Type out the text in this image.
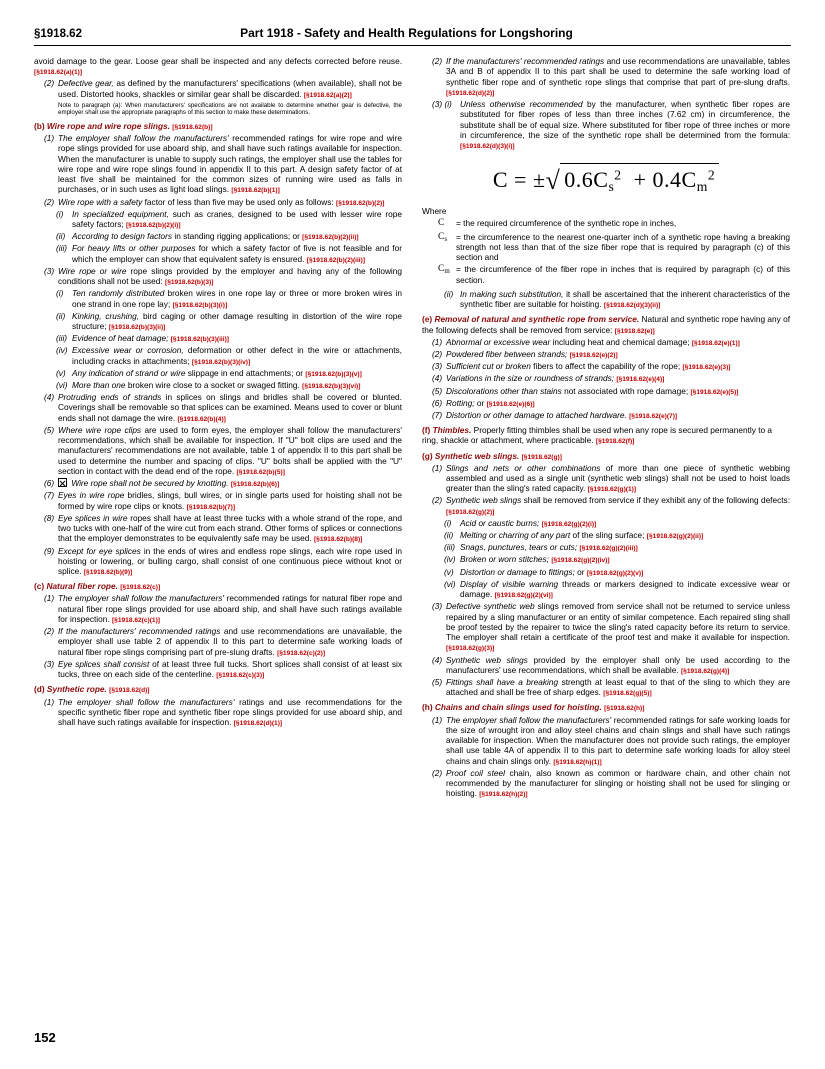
§1918.62	Part 1918 - Safety and Health Regulations for Longshoring
avoid damage to the gear. Loose gear shall be inspected and any defects corrected before reuse. [§1918.62(a)(1)]
(2) Defective gear, as defined by the manufacturers' specifications (when available), shall not be used. Distorted hooks, shackles or similar gear shall be discarded. [§1918.62(a)(2)]
Note to paragraph (a): When manufacturers' specifications are not available to determine whether gear is defective, the employer shall use the appropriate paragraphs of this section to make these determinations.
(b) Wire rope and wire rope slings. [§1918.62(b)]
(1) The employer shall follow the manufacturers' recommended ratings for wire rope and wire rope slings provided for use aboard ship, and shall have such ratings available for inspection. When the manufacturer is unable to supply such ratings, the employer shall use the tables for wire rope and wire rope slings found in appendix II to this part. A design safety factor of at least five shall be maintained for the common sizes of running wire used as falls in purchases, or in such uses as light load slings. [§1918.62(b)(1)]
(2) Wire rope with a safety factor of less than five may be used only as follows: [§1918.62(b)(2)]
(i)	In specialized equipment, such as cranes, designed to be used with lesser wire rope safety factors; [§1918.62(b)(2)(i)]
(ii) According to design factors in standing rigging applications; or [§1918.62(b)(2)(ii)]
(iii) For heavy lifts or other purposes for which a safety factor of five is not feasible and for which the employer can show that equivalent safety is ensured. [§1918.62(b)(2)(iii)]
(3) Wire rope or wire rope slings provided by the employer and having any of the following conditions shall not be used: [§1918.62(b)(3)]
(i)	Ten randomly distributed broken wires in one rope lay or three or more broken wires in one strand in one rope lay; [§1918.62(b)(3)(i)]
(ii) Kinking, crushing, bird caging or other damage resulting in distortion of the wire rope structure; [§1918.62(b)(3)(ii)]
(iii) Evidence of heat damage; [§1918.62(b)(3)(iii)]
(iv) Excessive wear or corrosion, deformation or other defect in the wire or attachments, including cracks in attachments; [§1918.62(b)(3)(iv)]
(v) Any indication of strand or wire slippage in end attachments; or [§1918.62(b)(3)(v)]
(vi) More than one broken wire close to a socket or swaged fitting. [§1918.62(b)(3)(vi)]
(4) Protruding ends of strands in splices on slings and bridles shall be covered or blunted. Coverings shall be removable so that splices can be examined. Means used to cover or blunt ends shall not damage the wire. [§1918.62(b)(4)]
(5) Where wire rope clips are used to form eyes, the employer shall follow the manufacturers' recommendations, which shall be available for inspection. If "U" bolt clips are used and the manufacturers' recommendations are not available, table 1 of appendix II to this part shall be used to determine the number and spacing of clips. "U" bolts shall be applied with the "U" section in contact with the dead end of the rope. [§1918.62(b)(5)]
(6)	Wire rope shall not be secured by knotting. [§1918.62(b)(6)]
(7) Eyes in wire rope bridles, slings, bull wires, or in single parts used for hoisting shall not be formed by wire rope clips or knots. [§1918.62(b)(7)]
(8) Eye splices in wire ropes shall have at least three tucks with a whole strand of the rope, and two tucks with one-half of the wire cut from each strand. Other forms of splices or connections that the employer demonstrates to be equivalently safe may be used. [§1918.62(b)(8)]
(9) Except for eye splices in the ends of wires and endless rope slings, each wire rope used in hoisting or lowering, or bulling cargo, shall consist of one continuous piece without knot or splice. [§1918.62(b)(9)]
(c) Natural fiber rope. [§1918.62(c)]
(1) The employer shall follow the manufacturers' recommended ratings for natural fiber rope and natural fiber rope slings provided for use aboard ship, and shall have such ratings available for inspection. [§1918.62(c)(1)]
(2) If the manufacturers' recommended ratings and use recommendations are unavailable, the employer shall use table 2 of appendix II to this part to determine safe working loads of natural fiber rope slings comprising part of pre-slung drafts. [§1918.62(c)(2)]
(3) Eye splices shall consist of at least three full tucks. Short splices shall consist of at least six tucks, three on each side of the centerline. [§1918.62(c)(3)]
(d) Synthetic rope. [§1918.62(d)]
(1) The employer shall follow the manufacturers' ratings and use recommendations for the specific synthetic fiber rope and synthetic fiber rope slings provided for use aboard ship, and shall have such ratings available for inspection. [§1918.62(d)(1)]
(2) If the manufacturers' recommended ratings and use recommendations are unavailable, tables 3A and B of appendix II to this part shall be used to determine the safe working load of synthetic fiber rope and of synthetic rope slings that comprise that part of pre-slung drafts. [§1918.62(d)(2)]
(3) (i) Unless otherwise recommended by the manufacturer, when synthetic fiber ropes are substituted for fiber ropes of less than three inches (7.62 cm) in circumference, the substitute shall be of equal size. Where substituted for fiber rope of three inches or more in circumference, the size of the synthetic rope shall be determined from the formula: [§1918.62(d)(3)(i)]
C = ±√ $0.6C_s^2 + 0.4C_m^2$
Where
C	= the required circumference of the synthetic rope in inches,
Cs	= the circumference to the nearest one-quarter inch of a synthetic rope having a breaking strength not less than that of the size fiber rope that is required by paragraph (c) of this section and
Cm = the circumference of the fiber rope in inches that is required by paragraph (c) of this section.
(ii) In making such substitution, it shall be ascertained that the inherent characteristics of the synthetic fiber are suitable for hoisting. [§1918.62(d)(3)(ii)]
(e) Removal of natural and synthetic rope from service. Natural and synthetic rope having any of the following defects shall be removed from service: [§1918.62(e)]
(1) Abnormal or excessive wear including heat and chemical damage; [§1918.62(e)(1)]
(2) Powdered fiber between strands; [§1918.62(e)(2)]
(3) Sufficient cut or broken fibers to affect the capability of the rope; [§1918.62(e)(3)]
(4) Variations in the size or roundness of strands; [§1918.62(e)(4)]
(5) Discolorations other than stains not associated with rope damage; [§1918.62(e)(5)]
(6) Rotting; or [§1918.62(e)(6)]
(7) Distortion or other damage to attached hardware. [§1918.62(e)(7)]
(f) Thimbles. Properly fitting thimbles shall be used when any rope is secured permanently to a ring, shackle or attachment, where practicable. [§1918.62(f)]
(g) Synthetic web slings. [§1918.62(g)]
(1) Slings and nets or other combinations of more than one piece of synthetic webbing assembled and used as a single unit (synthetic web slings) shall not be used to hoist loads greater than the sling's rated capacity. [§1918.62(g)(1)]
(2) Synthetic web slings shall be removed from service if they exhibit any of the following defects: [§1918.62(g)(2)]
(i)	Acid or caustic burns; [§1918.62(g)(2)(i)]
(ii) Melting or charring of any part of the sling surface; [§1918.62(g)(2)(ii)]
(iii) Snags, punctures, tears or cuts; [§1918.62(g)(2)(iii)]
(iv) Broken or worn stitches; [§1918.62(g)(2)(iv)]
(v) Distortion or damage to fittings; or [§1918.62(g)(2)(v)]
(vi) Display of visible warning threads or markers designed to indicate excessive wear or damage. [§1918.62(g)(2)(vi)]
(3) Defective synthetic web slings removed from service shall not be returned to service unless repaired by a sling manufacturer or an entity of similar competence. Each repaired sling shall be proof tested by the repairer to twice the sling's rated capacity before its return to service. The employer shall retain a certificate of the proof test and make it available for inspection. [§1918.62(g)(3)]
(4) Synthetic web slings provided by the employer shall only be used according to the manufacturers' use recommendations, which shall be available. [§1918.62(g)(4)]
(5) Fittings shall have a breaking strength at least equal to that of the sling to which they are attached and shall be free of sharp edges. [§1918.62(g)(5)]
(h) Chains and chain slings used for hoisting. [§1918.62(h)]
(1) The employer shall follow the manufacturers' recommended ratings for safe working loads for the size of wrought iron and alloy steel chains and chain slings and shall have such ratings available for inspection. When the manufacturer does not provide such ratings, the employer shall use table 4A of appendix II to this part to determine safe working loads for alloy steel chains and chain slings only. [§1918.62(h)(1)]
(2) Proof coil steel chain, also known as common or hardware chain, and other chain not recommended by the manufacturer for slinging or hoisting shall not be used for slinging or hoisting. [§1918.62(h)(2)]
152
